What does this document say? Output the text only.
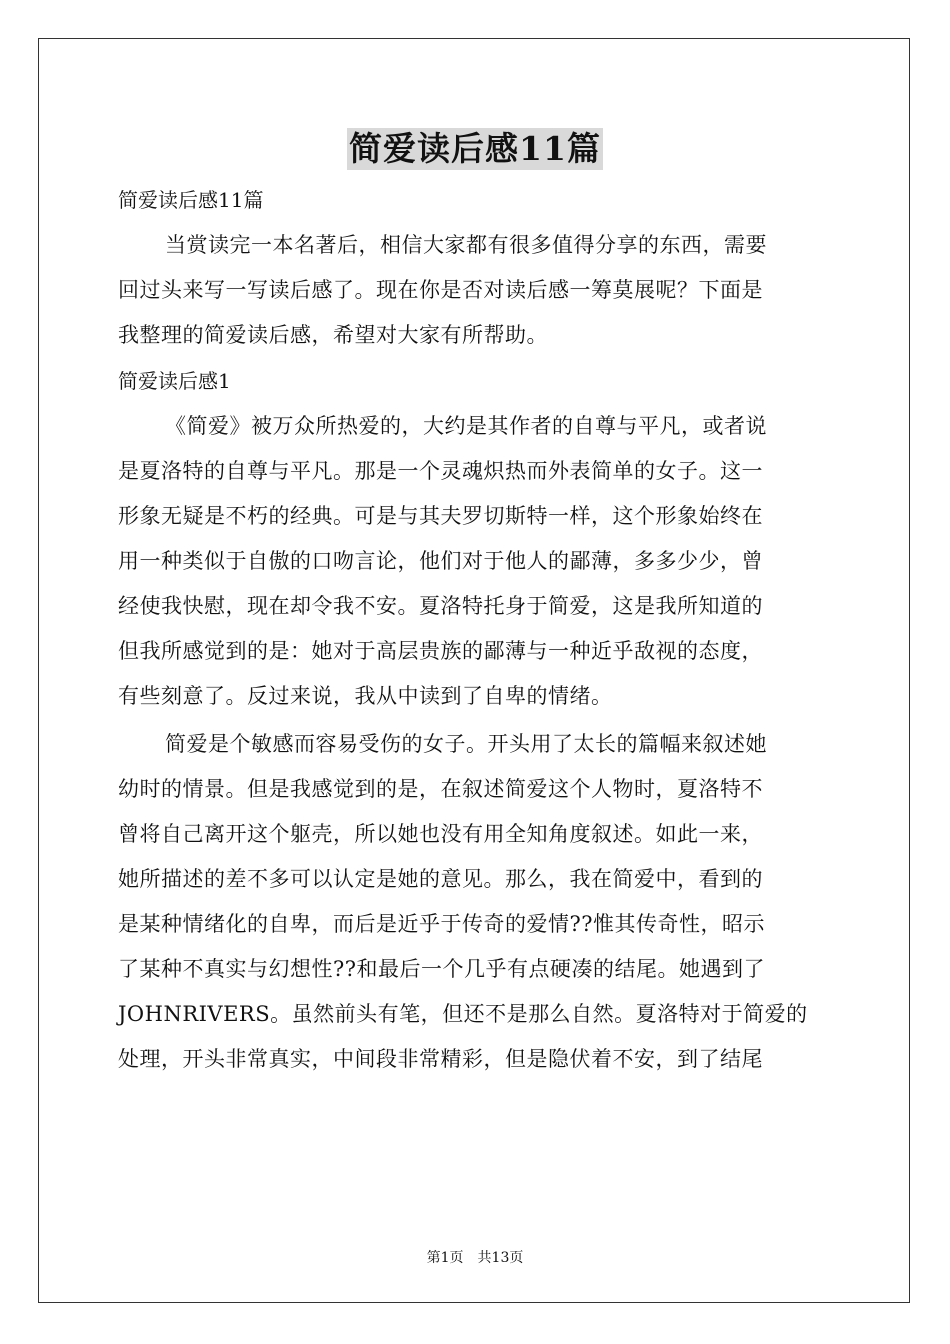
简爱读后感11篇

简爱读后感11篇

当赏读完一本名著后，相信大家都有很多值得分享的东西，需要

回过头来写一写读后感了。现在你是否对读后感一筹莫展呢？下面是

我整理的简爱读后感，希望对大家有所帮助。

简爱读后感1

《简爱》被万众所热爱的，大约是其作者的自尊与平凡，或者说

是夏洛特的自尊与平凡。那是一个灵魂炽热而外表简单的女子。这一

形象无疑是不朽的经典。可是与其夫罗切斯特一样，这个形象始终在

用一种类似于自傲的口吻言论，他们对于他人的鄙薄，多多少少，曾

经使我快慰，现在却令我不安。夏洛特托身于简爱，这是我所知道的

但我所感觉到的是：她对于高层贵族的鄙薄与一种近乎敌视的态度，

有些刻意了。反过来说，我从中读到了自卑的情绪。

简爱是个敏感而容易受伤的女子。开头用了太长的篇幅来叙述她

幼时的情景。但是我感觉到的是，在叙述简爱这个人物时，夏洛特不

曾将自己离开这个躯壳，所以她也没有用全知角度叙述。如此一来，

她所描述的差不多可以认定是她的意见。那么，我在简爱中，看到的

是某种情绪化的自卑，而后是近乎于传奇的爱情??惟其传奇性，昭示

了某种不真实与幻想性??和最后一个几乎有点硬凑的结尾。她遇到了

JOHNRIVERS。虽然前头有笔，但还不是那么自然。夏洛特对于简爱的

处理，开头非常真实，中间段非常精彩，但是隐伏着不安，到了结尾

第1页　共13页
